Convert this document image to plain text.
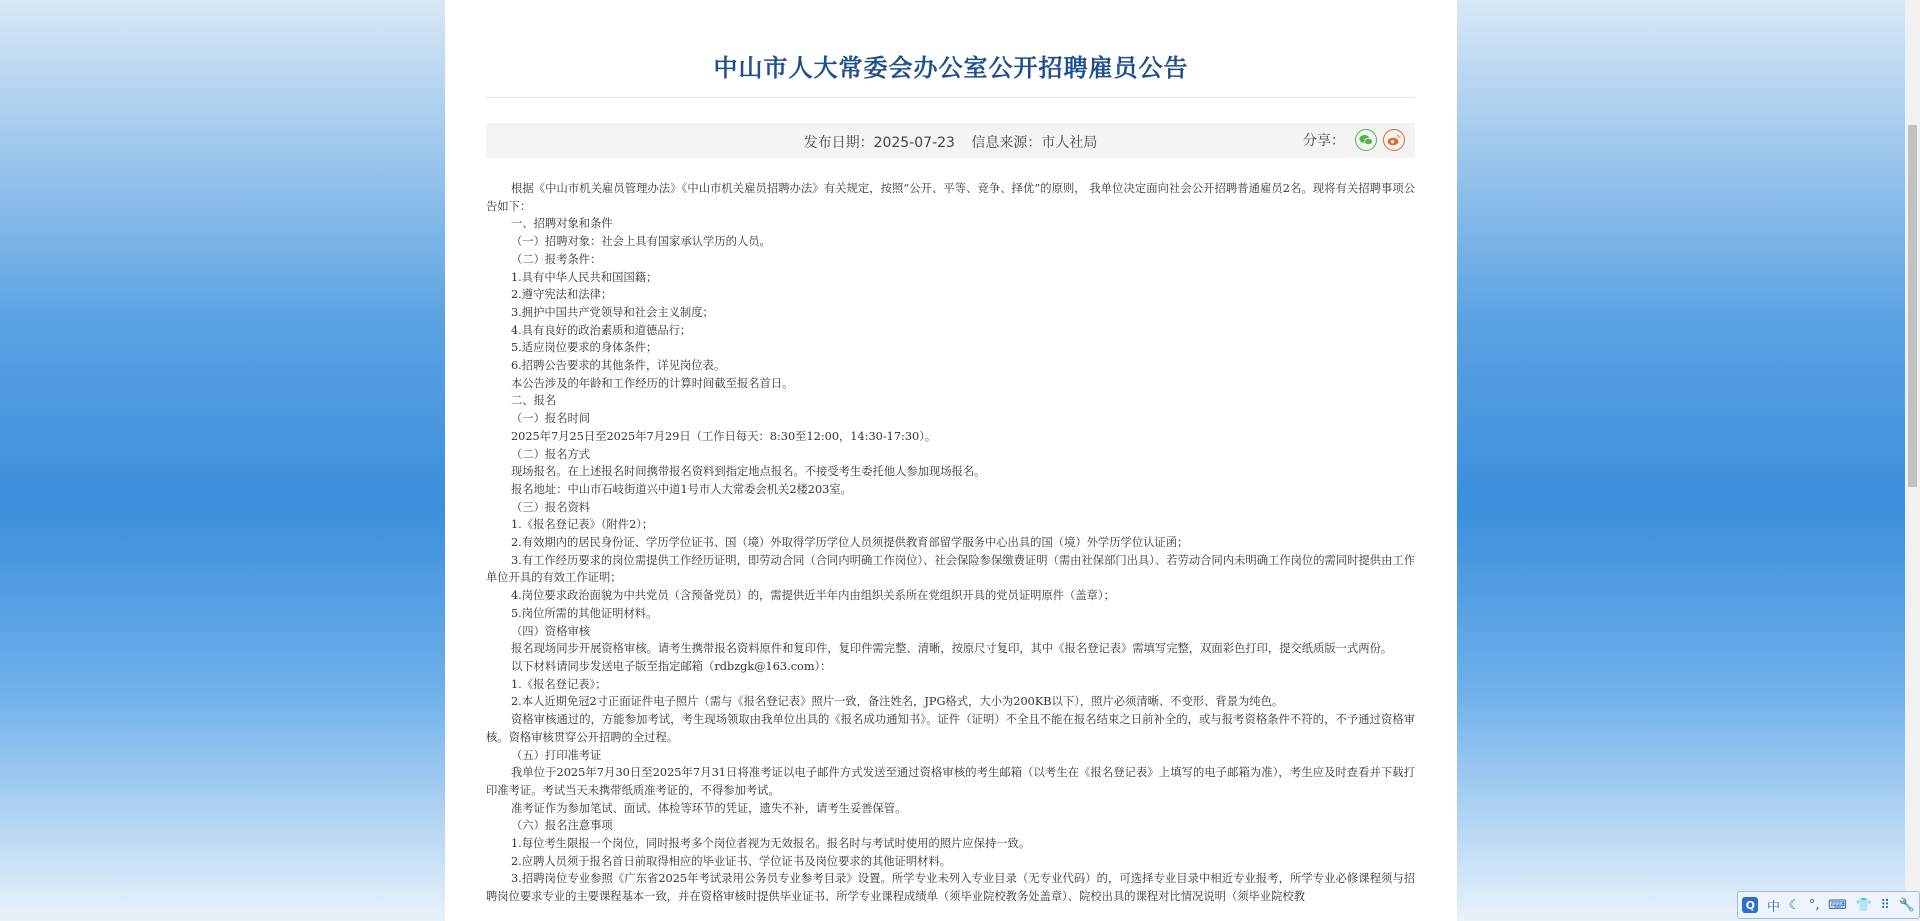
中山市人大常委会办公室公开招聘雇员公告
发布日期：2025-07-23 信息来源：市人社局	分享：

根据《中山市机关雇员管理办法》《中山市机关雇员招聘办法》有关规定，按照“公开、平等、竞争、择优”的原则， 我单位决定面向社会公开招聘普通雇员2名。现将有关招聘事项公告如下：

一、招聘对象和条件

（一）招聘对象：社会上具有国家承认学历的人员。

（二）报考条件：

1.具有中华人民共和国国籍；

2.遵守宪法和法律；

3.拥护中国共产党领导和社会主义制度；

4.具有良好的政治素质和道德品行；

5.适应岗位要求的身体条件；

6.招聘公告要求的其他条件，详见岗位表。

本公告涉及的年龄和工作经历的计算时间截至报名首日。

二、报名

（一）报名时间

2025年7月25日至2025年7月29日（工作日每天：8:30至12:00，14:30-17:30）。

（二）报名方式

现场报名。在上述报名时间携带报名资料到指定地点报名。不接受考生委托他人参加现场报名。

报名地址：中山市石岐街道兴中道1号市人大常委会机关2楼203室。

（三）报名资料

1.《报名登记表》（附件2）；

2.有效期内的居民身份证、学历学位证书、国（境）外取得学历学位人员须提供教育部留学服务中心出具的国（境）外学历学位认证函；

3.有工作经历要求的岗位需提供工作经历证明，即劳动合同（合同内明确工作岗位）、社会保险参保缴费证明（需由社保部门出具）、若劳动合同内未明确工作岗位的需同时提供由工作单位开具的有效工作证明；

4.岗位要求政治面貌为中共党员（含预备党员）的，需提供近半年内由组织关系所在党组织开具的党员证明原件（盖章）；

5.岗位所需的其他证明材料。

（四）资格审核

报名现场同步开展资格审核。请考生携带报名资料原件和复印件，复印件需完整、清晰，按原尺寸复印，其中《报名登记表》需填写完整，双面彩色打印，提交纸质版一式两份。

以下材料请同步发送电子版至指定邮箱（rdbzgk@163.com）：

1.《报名登记表》；

2.本人近期免冠2寸正面证件电子照片（需与《报名登记表》照片一致，备注姓名，JPG格式，大小为200KB以下），照片必须清晰、不变形、背景为纯色。

资格审核通过的，方能参加考试，考生现场领取由我单位出具的《报名成功通知书》。证件（证明）不全且不能在报名结束之日前补全的，或与报考资格条件不符的，不予通过资格审核。资格审核贯穿公开招聘的全过程。

（五）打印准考证

我单位于2025年7月30日至2025年7月31日将准考证以电子邮件方式发送至通过资格审核的考生邮箱（以考生在《报名登记表》上填写的电子邮箱为准），考生应及时查看并下载打印准考证。考试当天未携带纸质准考证的，不得参加考试。

准考证作为参加笔试、面试、体检等环节的凭证，遗失不补，请考生妥善保管。

（六）报名注意事项

1.每位考生限报一个岗位，同时报考多个岗位者视为无效报名。报名时与考试时使用的照片应保持一致。

2.应聘人员须于报名首日前取得相应的毕业证书、学位证书及岗位要求的其他证明材料。

3.招聘岗位专业参照《广东省2025年考试录用公务员专业参考目录》设置。所学专业未列入专业目录（无专业代码）的，可选择专业目录中相近专业报考，所学专业必修课程须与招聘岗位要求专业的主要课程基本一致，并在资格审核时提供毕业证书、所学专业课程成绩单（须毕业院校教务处盖章）、院校出具的课程对比情况说明（须毕业院校教

Q 中 ☾ °, ⌨ 👕 ⠿ 🔧
